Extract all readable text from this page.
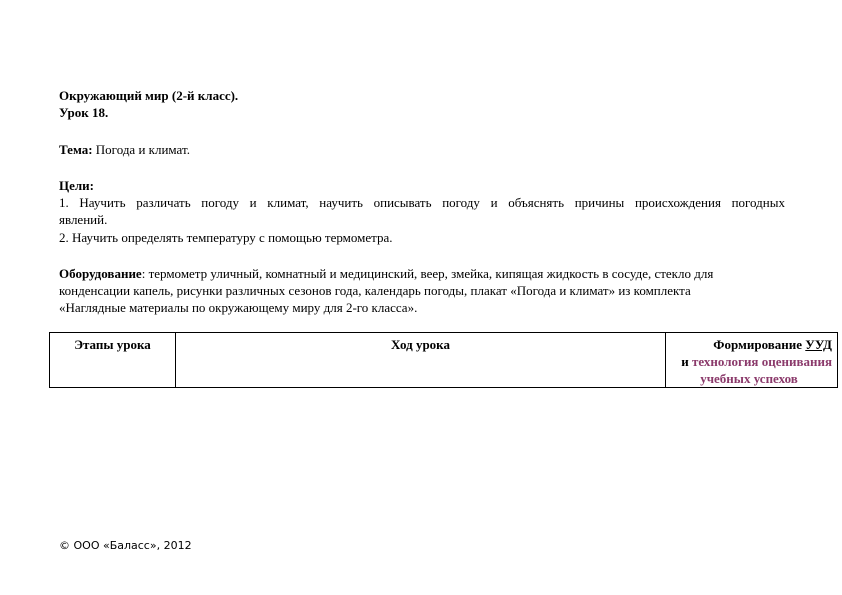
Окружающий мир (2-й класс).
Урок 18.
Тема: Погода и климат.
Цели:
1. Научить различать погоду и климат, научить описывать погоду и объяснять причины происхождения погодных
явлений.
2. Научить определять температуру с помощью термометра.
Оборудование: термометр уличный, комнатный и медицинский, веер, змейка, кипящая жидкость в сосуде, стекло для
конденсации капель, рисунки различных сезонов года, календарь погоды, плакат «Погода и климат» из комплекта
«Наглядные материалы по окружающему миру для 2-го класса».
Этапы урока	Ход урока	Формирование УУД
и технология оценивания
учебных успехов
© ООО «Баласс», 2012
